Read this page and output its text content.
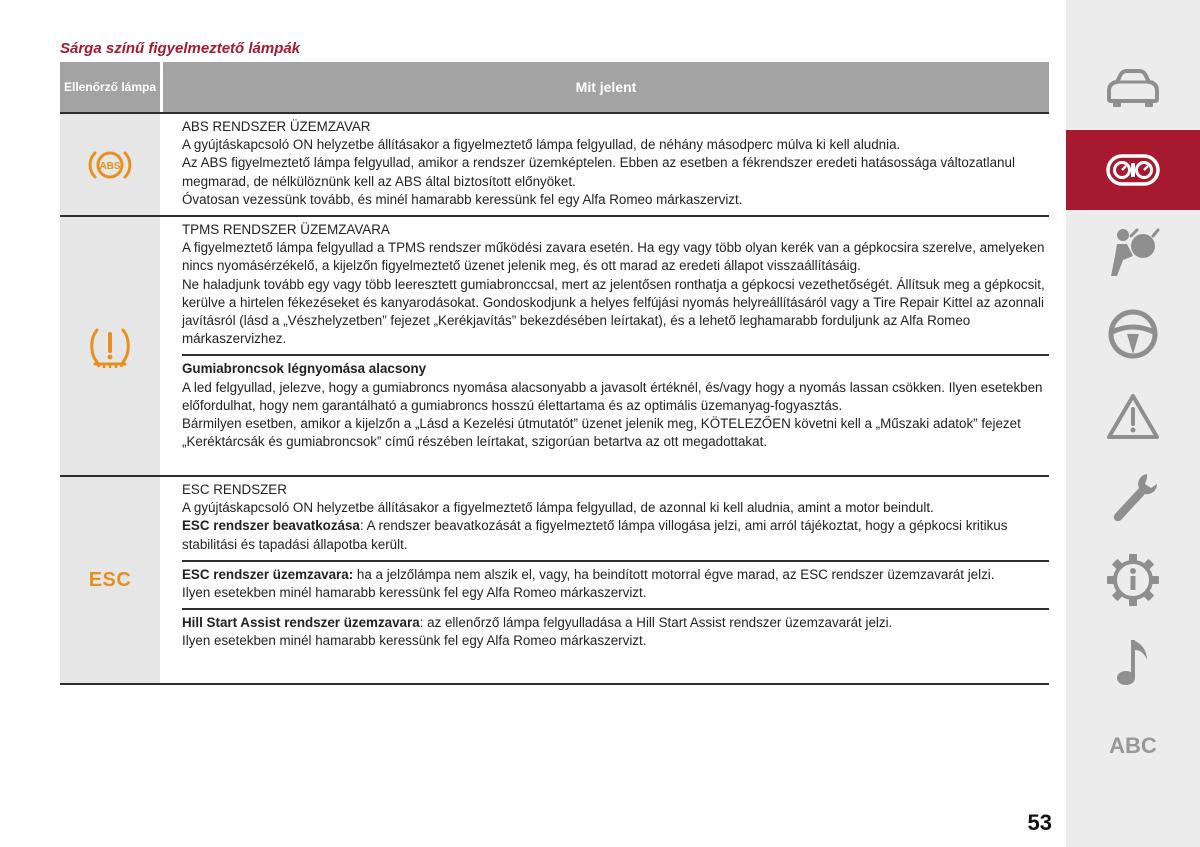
Sárga színű figyelmeztető lámpák
Ellenőrző lámpa	Mit jelent
ABS

ABS RENDSZER ÜZEMZAVAR

A gyújtáskapcsoló ON helyzetbe állításakor a figyelmeztető lámpa felgyullad, de néhány másodperc múlva ki kell aludnia.

Az ABS figyelmeztető lámpa felgyullad, amikor a rendszer üzemképtelen. Ebben az esetben a fékrendszer eredeti hatásossága változatlanul megmarad, de nélkülöznünk kell az ABS által biztosított előnyöket.

Óvatosan vezessünk tovább, és minél hamarabb keressünk fel egy Alfa Romeo márkaszervizt.

TPMS RENDSZER ÜZEMZAVARA

A figyelmeztető lámpa felgyullad a TPMS rendszer működési zavara esetén. Ha egy vagy több olyan kerék van a gépkocsira szerelve, amelyeken nincs nyomásérzékelő, a kijelzőn figyelmeztető üzenet jelenik meg, és ott marad az eredeti állapot visszaállításáig.

Ne haladjunk tovább egy vagy több leeresztett gumiabronccsal, mert az jelentősen ronthatja a gépkocsi vezethetőségét. Állítsuk meg a gépkocsit, kerülve a hirtelen fékezéseket és kanyarodásokat. Gondoskodjunk a helyes felfújási nyomás helyreállításáról vagy a Tire Repair Kittel az azonnali javításról (lásd a „Vészhelyzetben” fejezet „Kerékjavítás” bekezdésében leírtakat), és a lehető leghamarabb forduljunk az Alfa Romeo márkaszervizhez.

Gumiabroncsok légnyomása alacsony

A led felgyullad, jelezve, hogy a gumiabroncs nyomása alacsonyabb a javasolt értéknél, és/vagy hogy a nyomás lassan csökken. Ilyen esetekben előfordulhat, hogy nem garantálható a gumiabroncs hosszú élettartama és az optimális üzemanyag-fogyasztás.

Bármilyen esetben, amikor a kijelzőn a „Lásd a Kezelési útmutatót” üzenet jelenik meg, KÖTELEZŐEN követni kell a „Műszaki adatok” fejezet „Keréktárcsák és gumiabroncsok” című részében leírtakat, szigorúan betartva az ott megadottakat.

ESC

ESC RENDSZER

A gyújtáskapcsoló ON helyzetbe állításakor a figyelmeztető lámpa felgyullad, de azonnal ki kell aludnia, amint a motor beindult.

ESC rendszer beavatkozása: A rendszer beavatkozását a figyelmeztető lámpa villogása jelzi, ami arról tájékoztat, hogy a gépkocsi kritikus stabilitási és tapadási állapotba került.

ESC rendszer üzemzavara: ha a jelzőlámpa nem alszik el, vagy, ha beindított motorral égve marad, az ESC rendszer üzemzavarát jelzi.

Ilyen esetekben minél hamarabb keressünk fel egy Alfa Romeo márkaszervizt.

Hill Start Assist rendszer üzemzavara: az ellenőrző lámpa felgyulladása a Hill Start Assist rendszer üzemzavarát jelzi.

Ilyen esetekben minél hamarabb keressünk fel egy Alfa Romeo márkaszervizt.

ABC
53
